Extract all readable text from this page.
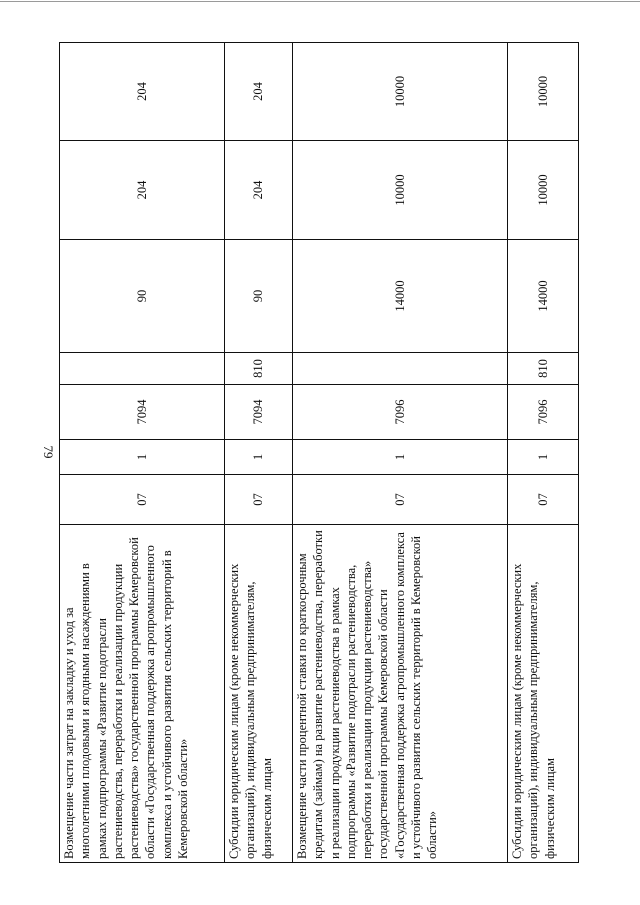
79
Возмещение части затрат на закладку и уход за многолетними плодовыми и ягодными насаждениями в рамках подпрограммы «Развитие подотрасли растениеводства, переработки и реализации продукции растениеводства» государственной программы Кемеровской области «Государственная поддержка агропромышленного комплекса и устойчивого развития сельских территорий в Кемеровской области»	07	1	7094		90	204	204
Субсидии юридическим лицам (кроме некоммерческих организаций), индивидуальным предпринимателям, физическим лицам	07	1	7094	810	90	204	204
Возмещение части процентной ставки по краткосрочным кредитам (займам) на развитие растениеводства, переработки и реализации продукции растениеводства в рамках подпрограммы «Развитие подотрасли растениеводства, переработки и реализации продукции растениеводства» государственной программы Кемеровской области «Государственная поддержка агропромышленного комплекса и устойчивого развития сельских территорий в Кемеровской области»	07	1	7096		14000	10000	10000
Субсидии юридическим лицам (кроме некоммерческих организаций), индивидуальным предпринимателям, физическим лицам	07	1	7096	810	14000	10000	10000
